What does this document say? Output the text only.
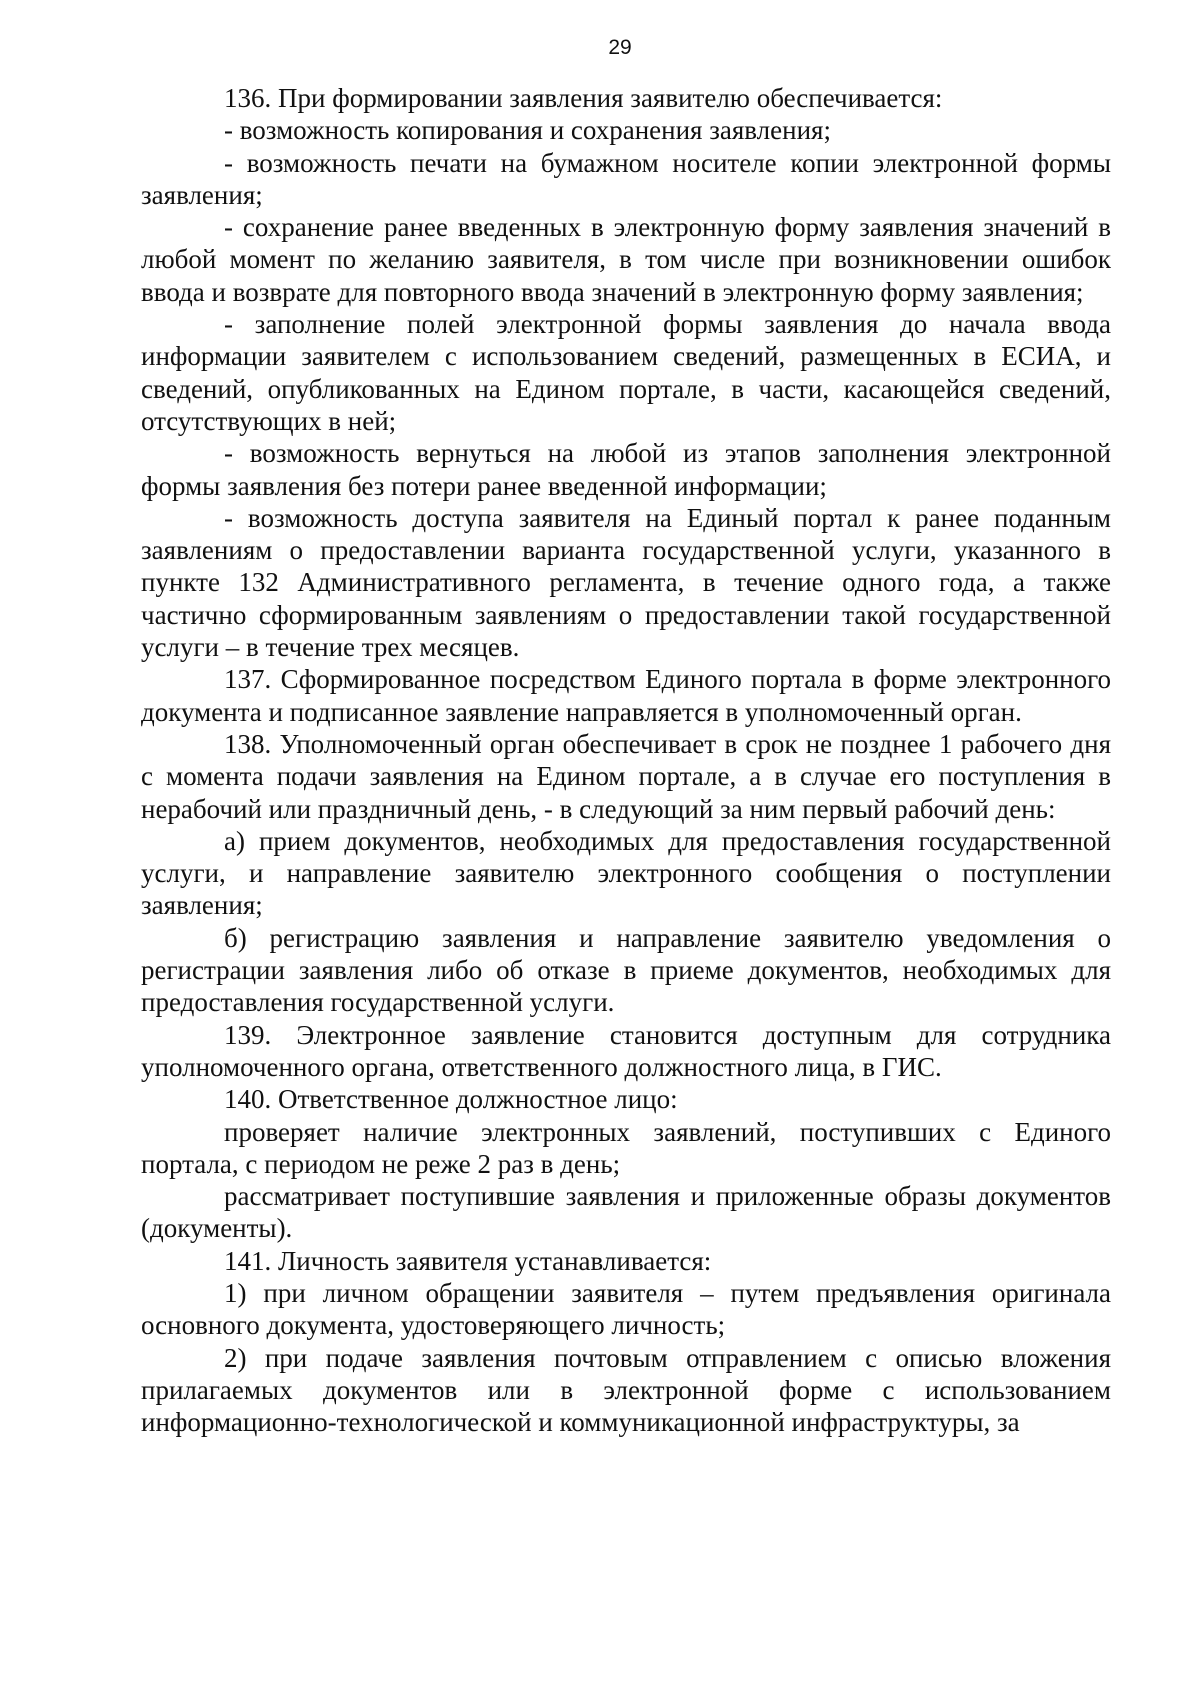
29

136. При формировании заявления заявителю обеспечивается:

- возможность копирования и сохранения заявления;

- возможность печати на бумажном носителе копии электронной формы заявления;

- сохранение ранее введенных в электронную форму заявления значений в любой момент по желанию заявителя, в том числе при возникновении ошибок ввода и возврате для повторного ввода значений в электронную форму заявления;

- заполнение полей электронной формы заявления до начала ввода информации заявителем с использованием сведений, размещенных в ЕСИА, и сведений, опубликованных на Едином портале, в части, касающейся сведений, отсутствующих в ней;

- возможность вернуться на любой из этапов заполнения электронной формы заявления без потери ранее введенной информации;

- возможность доступа заявителя на Единый портал к ранее поданным заявлениям о предоставлении варианта государственной услуги, указанного в пункте 132 Административного регламента, в течение одного года, а также частично сформированным заявлениям о предоставлении такой государственной услуги – в течение трех месяцев.

137. Сформированное посредством Единого портала в форме электронного документа и подписанное заявление направляется в уполномоченный орган.

138. Уполномоченный орган обеспечивает в срок не позднее 1 рабочего дня с момента подачи заявления на Едином портале, а в случае его поступления в нерабочий или праздничный день, - в следующий за ним первый рабочий день:

а) прием документов, необходимых для предоставления государственной услуги, и направление заявителю электронного сообщения о поступлении заявления;

б) регистрацию заявления и направление заявителю уведомления о регистрации заявления либо об отказе в приеме документов, необходимых для предоставления государственной услуги.

139. Электронное заявление становится доступным для сотрудника уполномоченного органа, ответственного должностного лица, в ГИС.

140. Ответственное должностное лицо:

проверяет наличие электронных заявлений, поступивших с Единого портала, с периодом не реже 2 раз в день;

рассматривает поступившие заявления и приложенные образы документов (документы).

141. Личность заявителя устанавливается:

1) при личном обращении заявителя – путем предъявления оригинала основного документа, удостоверяющего личность;

2) при подаче заявления почтовым отправлением с описью вложения прилагаемых документов или в электронной форме с использованием информационно-технологической и коммуникационной инфраструктуры, за
